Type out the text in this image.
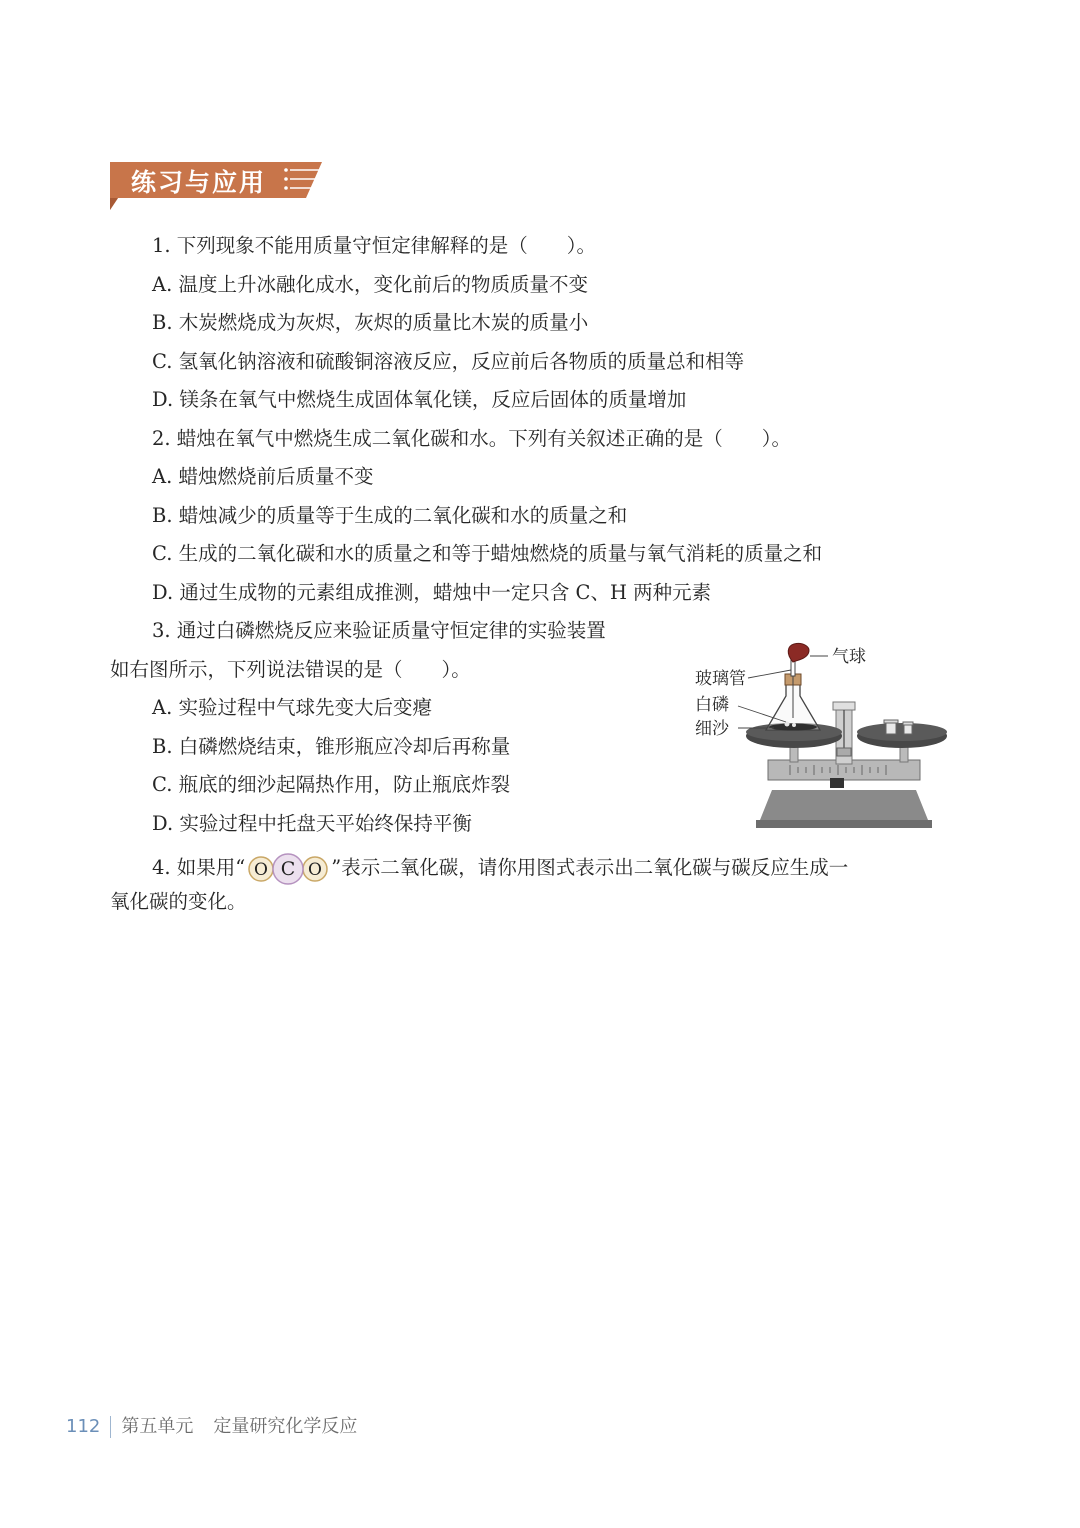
练习与应用
1. 下列现象不能用质量守恒定律解释的是（　　）。
A. 温度上升冰融化成水，变化前后的物质质量不变
B. 木炭燃烧成为灰烬，灰烬的质量比木炭的质量小
C. 氢氧化钠溶液和硫酸铜溶液反应，反应前后各物质的质量总和相等
D. 镁条在氧气中燃烧生成固体氧化镁，反应后固体的质量增加
2. 蜡烛在氧气中燃烧生成二氧化碳和水。下列有关叙述正确的是（　　）。
A. 蜡烛燃烧前后质量不变
B. 蜡烛减少的质量等于生成的二氧化碳和水的质量之和
C. 生成的二氧化碳和水的质量之和等于蜡烛燃烧的质量与氧气消耗的质量之和
D. 通过生成物的元素组成推测，蜡烛中一定只含 C、H 两种元素
3. 通过白磷燃烧反应来验证质量守恒定律的实验装置
如右图所示，下列说法错误的是（　　）。
A. 实验过程中气球先变大后变瘪
B. 白磷燃烧结束，锥形瓶应冷却后再称量
C. 瓶底的细沙起隔热作用，防止瓶底炸裂
D. 实验过程中托盘天平始终保持平衡
气球
玻璃管
白磷
细沙
4. 如果用“ O C O ”表示二氧化碳，请你用图式表示出二氧化碳与碳反应生成一
氧化碳的变化。
112 第五单元 定量研究化学反应
